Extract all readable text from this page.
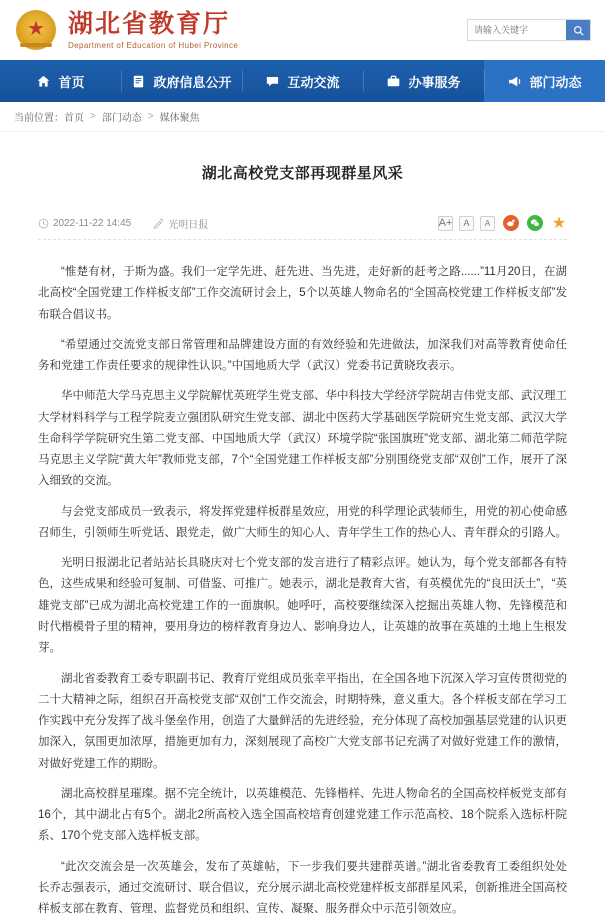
★ 湖北省教育厅
Department of Education of Hubei Province
请输入关键字
首页	政府信息公开	互动交流	办事服务	部门动态
当前位置： 首页 > 部门动态 > 媒体聚焦
湖北高校党支部再现群星风采
2022-11-22 14:45	光明日报	A+	A	A	★

“惟楚有材，于斯为盛。我们一定学先进、赶先进、当先进，走好新的赶考之路......”11月20日，在湖北高校“全国党建工作样板支部”工作交流研讨会上，5个以英雄人物命名的“全国高校党建工作样板支部”发布联合倡议书。

“希望通过交流党支部日常管理和品牌建设方面的有效经验和先进做法，加深我们对高等教育使命任务和党建工作责任要求的规律性认识。”中国地质大学（武汉）党委书记黄晓玫表示。

华中师范大学马克思主义学院解忧英班学生党支部、华中科技大学经济学院胡吉伟党支部、武汉理工大学材料科学与工程学院麦立强团队研究生党支部、湖北中医药大学基础医学院研究生党支部、武汉大学生命科学学院研究生第二党支部、中国地质大学（武汉）环境学院“张国旗班”党支部、湖北第二师范学院马克思主义学院“黄大年”教师党支部，7个“全国党建工作样板支部”分别围绕党支部“双创”工作，展开了深入细致的交流。

与会党支部成员一致表示，将发挥党建样板群星效应，用党的科学理论武装师生，用党的初心使命感召师生，引领师生听党话、跟党走，做广大师生的知心人、青年学生工作的热心人、青年群众的引路人。

光明日报湖北记者站站长具晓庆对七个党支部的发言进行了精彩点评。她认为，每个党支部都各有特色，这些成果和经验可复制、可借鉴、可推广。她表示，湖北是教育大省，有英模优先的“良田沃土”，“英雄党支部”已成为湖北高校党建工作的一面旗帜。她呼吁，高校要继续深入挖掘出英雄人物、先锋模范和时代楷模骨子里的精神，要用身边的榜样教育身边人、影响身边人，让英雄的故事在英雄的土地上生根发芽。

湖北省委教育工委专职副书记、教育厅党组成员张幸平指出，在全国各地下沉深入学习宣传贯彻党的二十大精神之际，组织召开高校党支部“双创”工作交流会，时期特殊，意义重大。各个样板支部在学习工作实践中充分发挥了战斗堡垒作用，创造了大量鲜活的先进经验，充分体现了高校加强基层党建的认识更加深入，氛围更加浓厚，措施更加有力，深刻展现了高校广大党支部书记充满了对做好党建工作的激情，对做好党建工作的期盼。

湖北高校群星璀璨。据不完全统计，以英雄模范、先锋楷样、先进人物命名的全国高校样板党支部有16个，其中湖北占有5个。湖北2所高校入选全国高校培育创建党建工作示范高校、18个院系入选标杆院系、170个党支部入选样板支部。

“此次交流会是一次英雄会，发布了英雄帖，下一步我们要共建群英谱。”湖北省委教育工委组织处处长乔志强表示，通过交流研讨、联合倡议，充分展示湖北高校党建样板支部群星风采，创新推进全国高校样板支部在教育、管理、监督党员和组织、宣传、凝聚、服务群众中示范引领效应。
